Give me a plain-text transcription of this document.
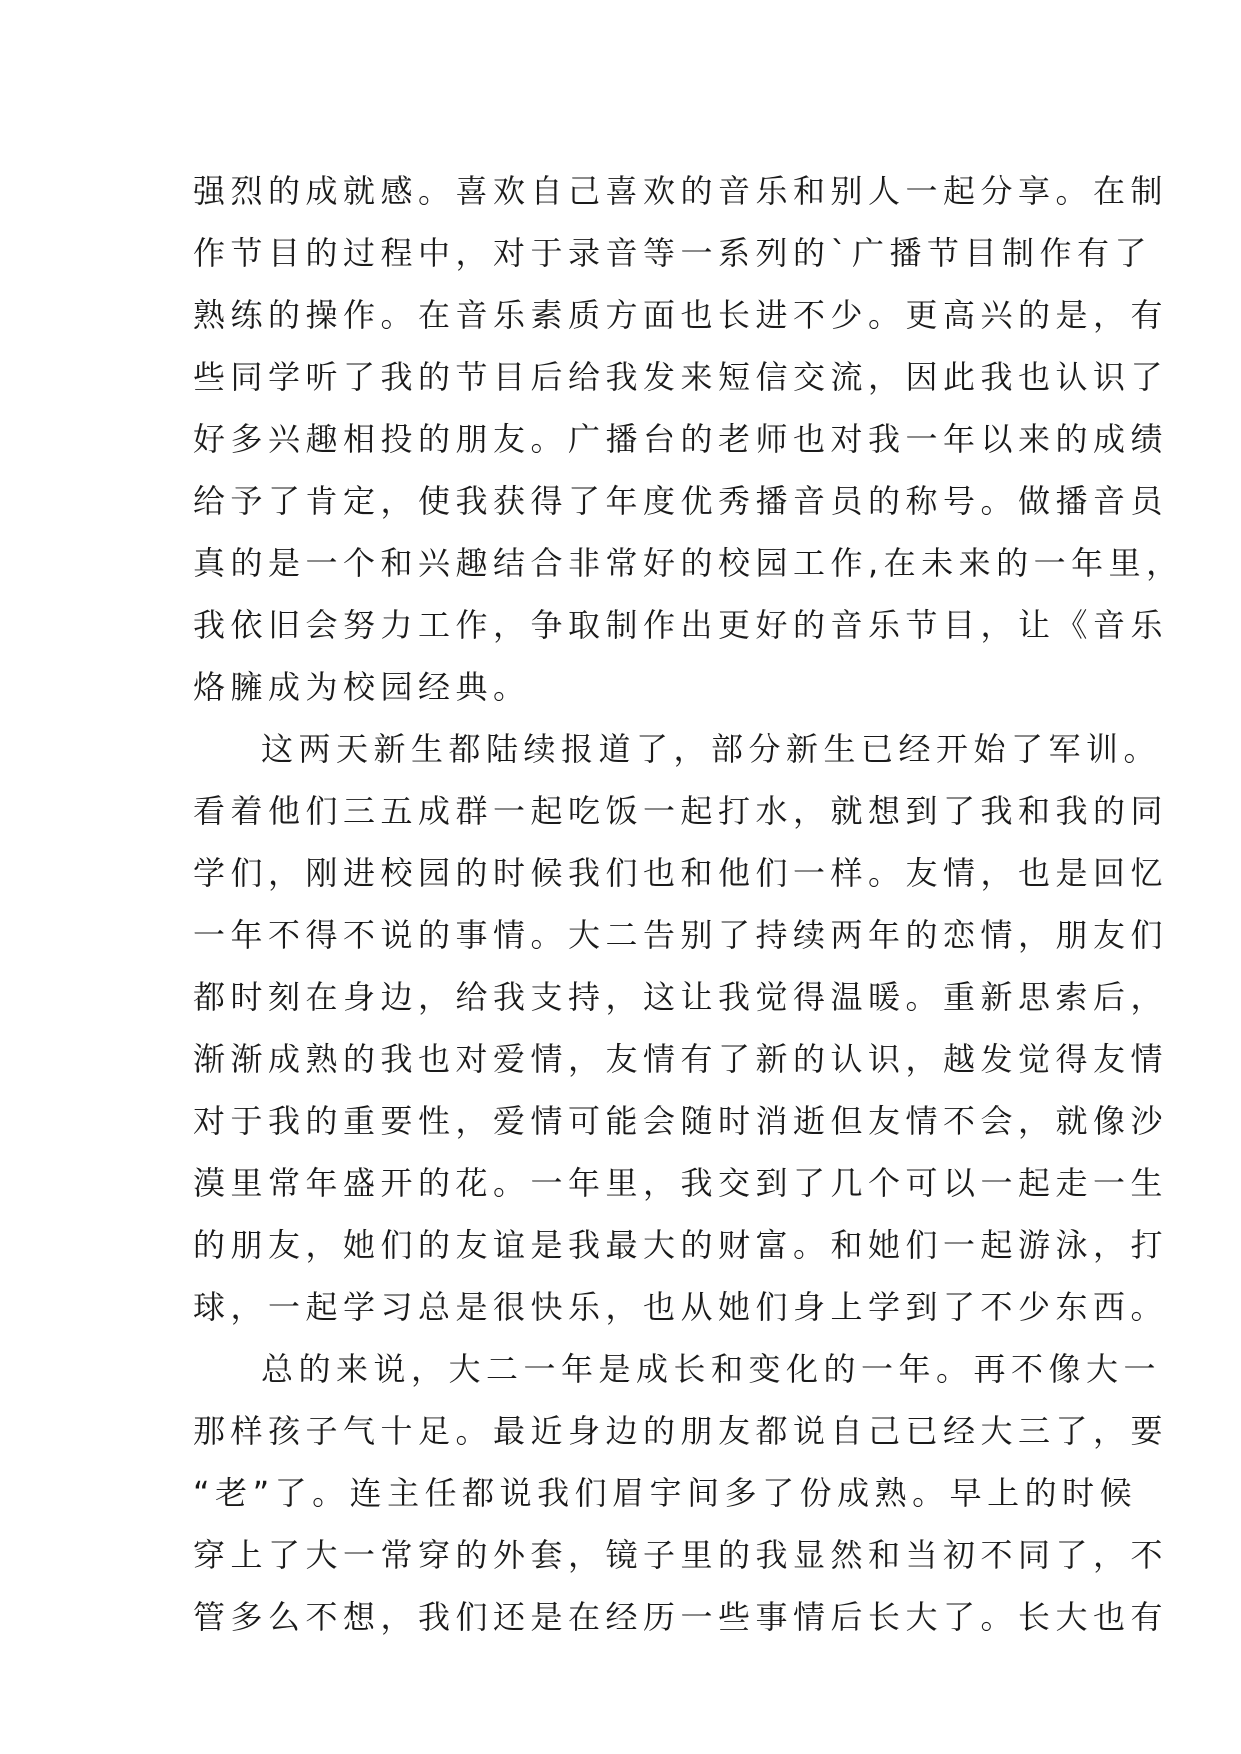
强烈的成就感。喜欢自己喜欢的音乐和别人一起分享。在制
作节目的过程中，对于录音等一系列的`广播节目制作有了
熟练的操作。在音乐素质方面也长进不少。更高兴的是，有
些同学听了我的节目后给我发来短信交流，因此我也认识了
好多兴趣相投的朋友。广播台的老师也对我一年以来的成绩
给予了肯定，使我获得了年度优秀播音员的称号。做播音员
真的是一个和兴趣结合非常好的校园工作,在未来的一年里，
我依旧会努力工作，争取制作出更好的音乐节目，让《音乐
烙臃成为校园经典。
这两天新生都陆续报道了，部分新生已经开始了军训。
看着他们三五成群一起吃饭一起打水，就想到了我和我的同
学们，刚进校园的时候我们也和他们一样。友情，也是回忆
一年不得不说的事情。大二告别了持续两年的恋情，朋友们
都时刻在身边，给我支持，这让我觉得温暖。重新思索后，
渐渐成熟的我也对爱情，友情有了新的认识，越发觉得友情
对于我的重要性，爱情可能会随时消逝但友情不会，就像沙
漠里常年盛开的花。一年里，我交到了几个可以一起走一生
的朋友，她们的友谊是我最大的财富。和她们一起游泳，打
球，一起学习总是很快乐，也从她们身上学到了不少东西。
总的来说，大二一年是成长和变化的一年。再不像大一
那样孩子气十足。最近身边的朋友都说自己已经大三了，要
“老”了。连主任都说我们眉宇间多了份成熟。早上的时候
穿上了大一常穿的外套，镜子里的我显然和当初不同了，不
管多么不想，我们还是在经历一些事情后长大了。长大也有
